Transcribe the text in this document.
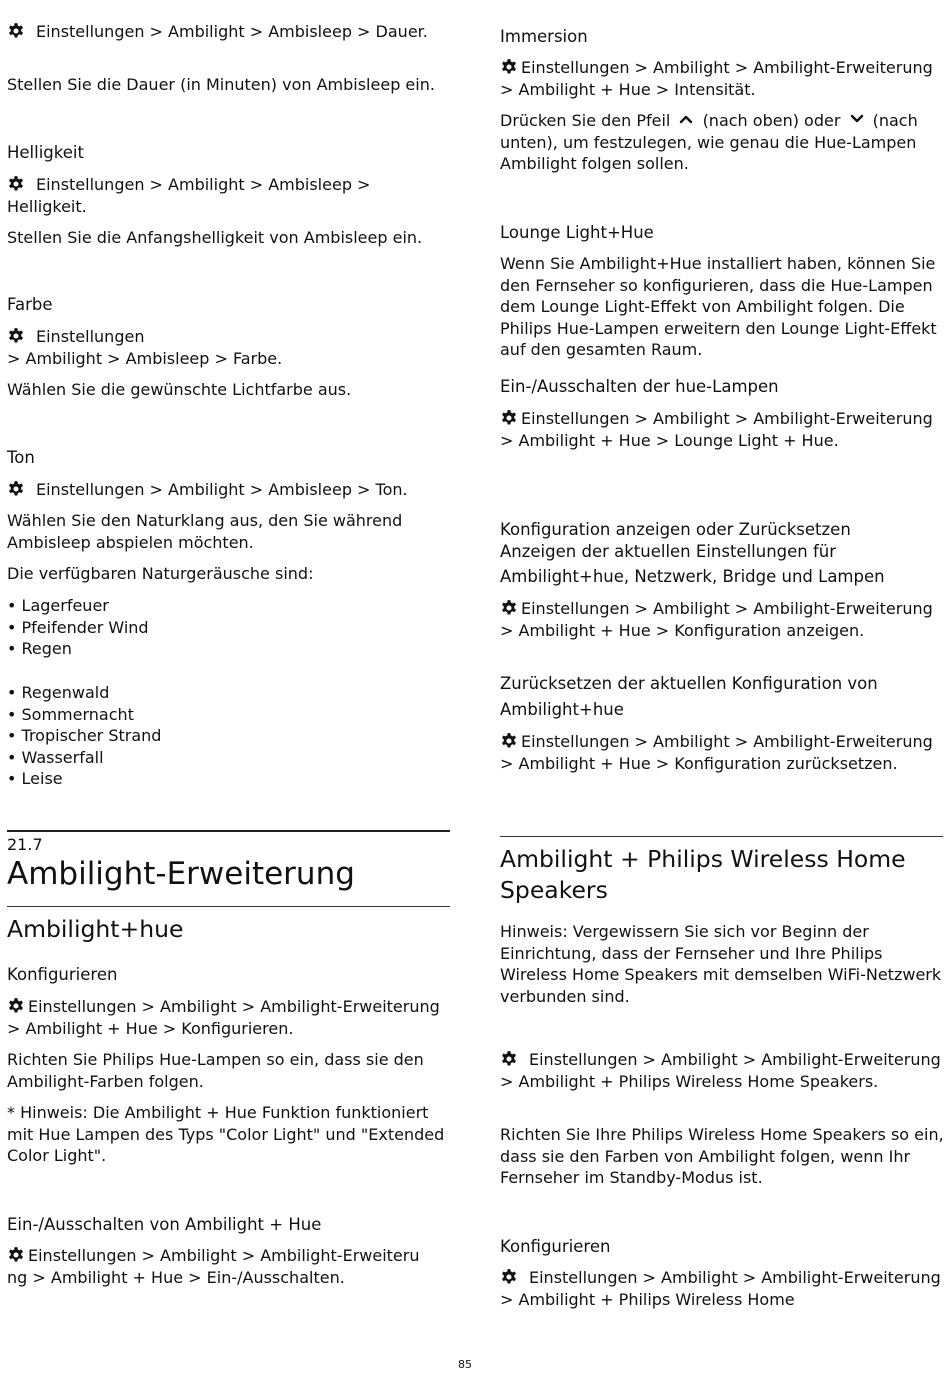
Einstellungen > Ambilight > Ambisleep > Dauer.
Stellen Sie die Dauer (in Minuten) von Ambisleep ein.
Helligkeit
Einstellungen > Ambilight > Ambisleep > Helligkeit.
Stellen Sie die Anfangshelligkeit von Ambisleep ein.
Farbe
Einstellungen
> Ambilight > Ambisleep > Farbe.
Wählen Sie die gewünschte Lichtfarbe aus.
Ton
Einstellungen > Ambilight > Ambisleep > Ton.
Wählen Sie den Naturklang aus, den Sie während Ambisleep abspielen möchten.
Die verfügbaren Naturgeräusche sind:
• Lagerfeuer
• Pfeifender Wind
• Regen
• Regenwald
• Sommernacht
• Tropischer Strand
• Wasserfall
• Leise
21.7
Ambilight-Erweiterung
Ambilight+hue
Konfigurieren
Einstellungen > Ambilight > Ambilight-Erweiterung > Ambilight + Hue > Konfigurieren.
Richten Sie Philips Hue-Lampen so ein, dass sie den Ambilight-Farben folgen.
* Hinweis: Die Ambilight + Hue Funktion funktioniert mit Hue Lampen des Typs "Color Light" und "Extended Color Light".
Ein-/Ausschalten von Ambilight + Hue
Einstellungen > Ambilight > Ambilight-Erweiteru
ng > Ambilight + Hue > Ein-/Ausschalten.
Immersion
Einstellungen > Ambilight > Ambilight-Erweiterung > Ambilight + Hue > Intensität.
Drücken Sie den Pfeil (nach oben) oder (nach unten), um festzulegen, wie genau die Hue-Lampen Ambilight folgen sollen.
Lounge Light+Hue
Wenn Sie Ambilight+Hue installiert haben, können Sie den Fernseher so konfigurieren, dass die Hue-Lampen dem Lounge Light-Effekt von Ambilight folgen. Die Philips Hue-Lampen erweitern den Lounge Light-Effekt auf den gesamten Raum.
Ein-/Ausschalten der hue-Lampen
Einstellungen > Ambilight > Ambilight-Erweiterung > Ambilight + Hue > Lounge Light + Hue.
Konfiguration anzeigen oder Zurücksetzen
Anzeigen der aktuellen Einstellungen für
Ambilight+hue, Netzwerk, Bridge und Lampen
Einstellungen > Ambilight > Ambilight-Erweiterung > Ambilight + Hue > Konfiguration anzeigen.
Zurücksetzen der aktuellen Konfiguration von
Ambilight+hue
Einstellungen > Ambilight > Ambilight-Erweiterung > Ambilight + Hue > Konfiguration zurücksetzen.
Ambilight + Philips Wireless Home Speakers
Hinweis: Vergewissern Sie sich vor Beginn der Einrichtung, dass der Fernseher und Ihre Philips Wireless Home Speakers mit demselben WiFi-Netzwerk verbunden sind.
Einstellungen > Ambilight > Ambilight-Erweiterung > Ambilight + Philips Wireless Home Speakers.
Richten Sie Ihre Philips Wireless Home Speakers so ein, dass sie den Farben von Ambilight folgen, wenn Ihr Fernseher im Standby-Modus ist.
Konfigurieren
Einstellungen > Ambilight > Ambilight-Erweiterung > Ambilight + Philips Wireless Home
85
